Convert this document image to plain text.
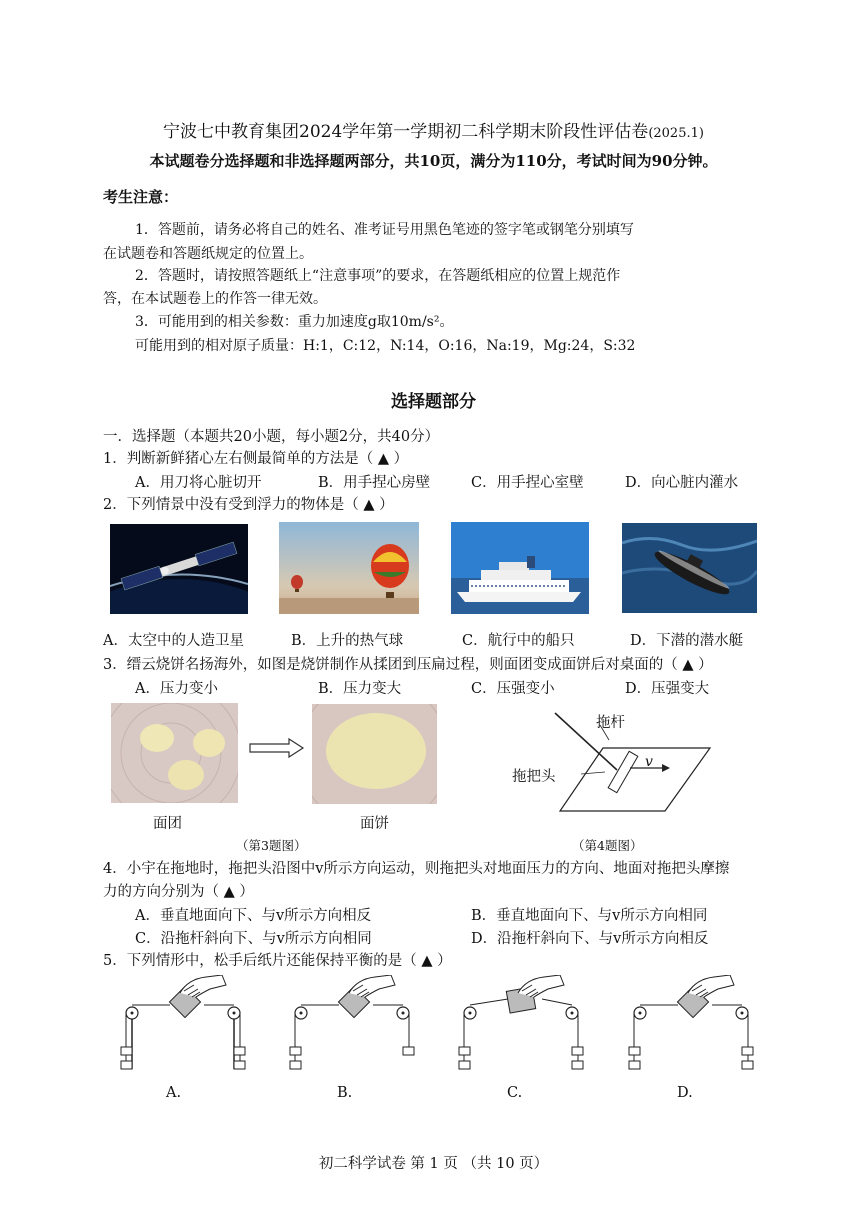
宁波七中教育集团2024学年第一学期初二科学期末阶段性评估卷(2025.1)
本试题卷分选择题和非选择题两部分，共10页，满分为110分，考试时间为90分钟。
考生注意：
1．答题前，请务必将自己的姓名、准考证号用黑色笔迹的签字笔或钢笔分别填写
在试题卷和答题纸规定的位置上。
2．答题时，请按照答题纸上“注意事项”的要求，在答题纸相应的位置上规范作
答，在本试题卷上的作答一律无效。
3．可能用到的相关参数：重力加速度g取10m/s²。
可能用到的相对原子质量：H:1，C:12，N:14，O:16，Na:19，Mg:24，S:32
选择题部分
一．选择题（本题共20小题，每小题2分，共40分）
1．判断新鲜猪心左右侧最简单的方法是（ ▲ ）
A．用刀将心脏切开	B．用手捏心房壁	C．用手捏心室壁	D．向心脏内灌水
2．下列情景中没有受到浮力的物体是（ ▲ ）
A．太空中的人造卫星	B．上升的热气球	C．航行中的船只	D．下潜的潜水艇
3．缙云烧饼名扬海外，如图是烧饼制作从揉团到压扁过程，则面团变成面饼后对桌面的（ ▲ ）
A．压力变小	B．压力变大	C．压强变小	D．压强变大
面团	面饼
（第3题图）
拖杆
拖把头
v
（第4题图）
4．小宇在拖地时，拖把头沿图中v所示方向运动，则拖把头对地面压力的方向、地面对拖把头摩擦
力的方向分别为（ ▲ ）
A．垂直地面向下、与v所示方向相反	B．垂直地面向下、与v所示方向相同
C．沿拖杆斜向下、与v所示方向相同	D．沿拖杆斜向下、与v所示方向相反
5．下列情形中，松手后纸片还能保持平衡的是（ ▲ ）
A.	B.	C.	D.
初二科学试卷 第 1 页 （共 10 页）
